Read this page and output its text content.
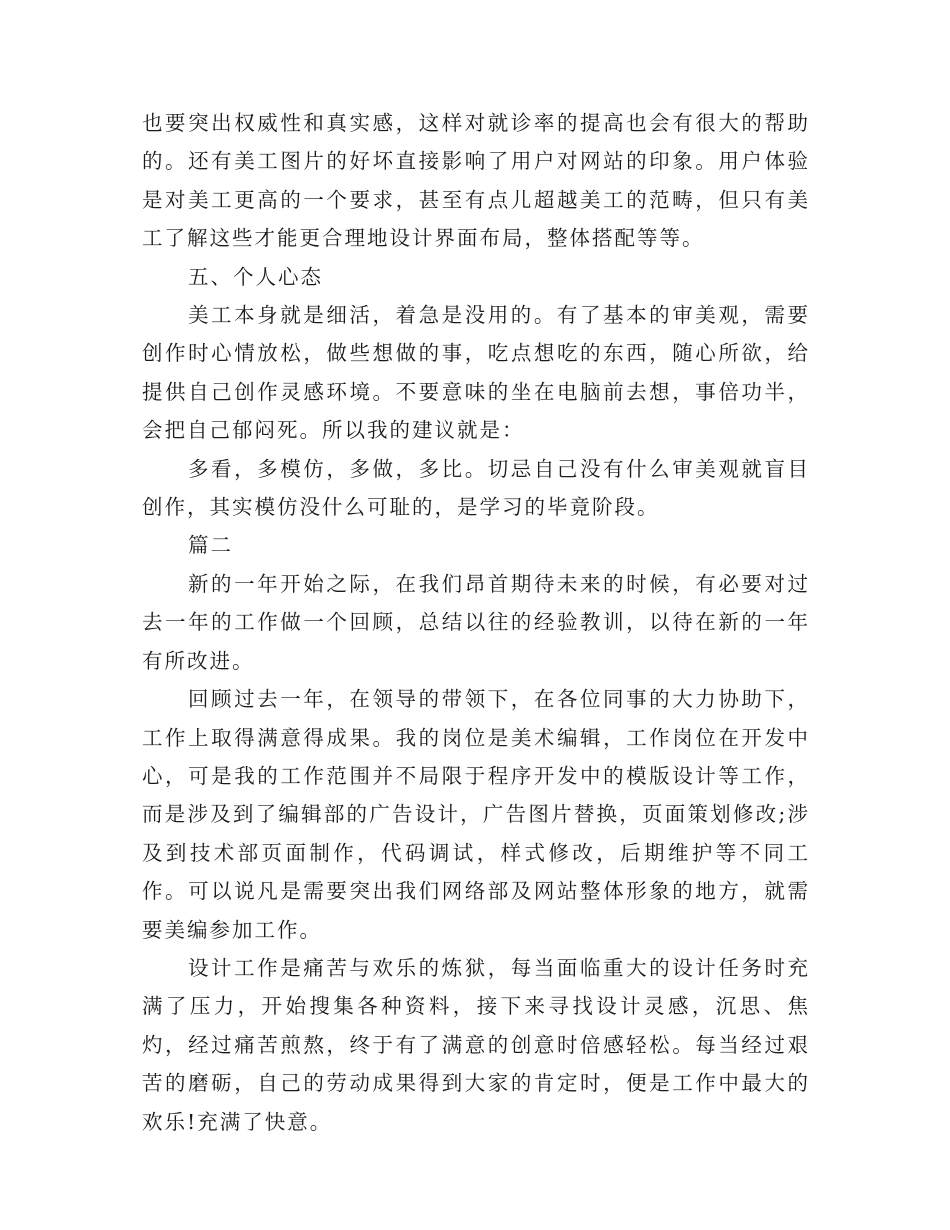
也要突出权威性和真实感，这样对就诊率的提高也会有很大的帮助的。还有美工图片的好坏直接影响了用户对网站的印象。用户体验是对美工更高的一个要求，甚至有点儿超越美工的范畴，但只有美工了解这些才能更合理地设计界面布局，整体搭配等等。

五、个人心态

美工本身就是细活，着急是没用的。有了基本的审美观，需要创作时心情放松，做些想做的事，吃点想吃的东西，随心所欲，给提供自己创作灵感环境。不要意味的坐在电脑前去想，事倍功半，会把自己郁闷死。所以我的建议就是：

多看，多模仿，多做，多比。切忌自己没有什么审美观就盲目创作，其实模仿没什么可耻的，是学习的毕竟阶段。

篇二

新的一年开始之际，在我们昂首期待未来的时候，有必要对过去一年的工作做一个回顾，总结以往的经验教训，以待在新的一年有所改进。

回顾过去一年，在领导的带领下，在各位同事的大力协助下，工作上取得满意得成果。我的岗位是美术编辑，工作岗位在开发中心，可是我的工作范围并不局限于程序开发中的模版设计等工作，而是涉及到了编辑部的广告设计，广告图片替换，页面策划修改;涉及到技术部页面制作，代码调试，样式修改，后期维护等不同工作。可以说凡是需要突出我们网络部及网站整体形象的地方，就需要美编参加工作。

设计工作是痛苦与欢乐的炼狱，每当面临重大的设计任务时充满了压力，开始搜集各种资料，接下来寻找设计灵感，沉思、焦灼，经过痛苦煎熬，终于有了满意的创意时倍感轻松。每当经过艰苦的磨砺，自己的劳动成果得到大家的肯定时，便是工作中最大的欢乐!充满了快意。
